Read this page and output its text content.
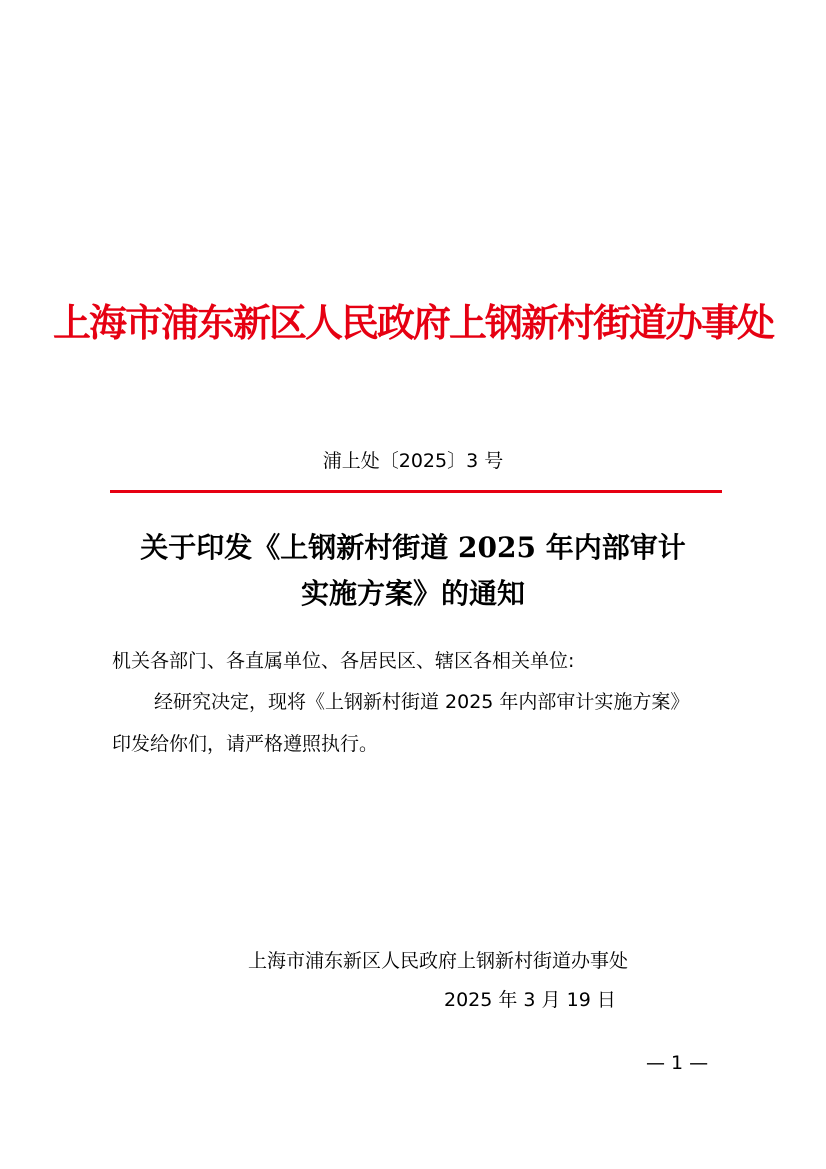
上海市浦东新区人民政府上钢新村街道办事处
浦上处〔2025〕3 号
关于印发《上钢新村街道 2025 年内部审计
实施方案》的通知
机关各部门、各直属单位、各居民区、辖区各相关单位:
经研究决定，现将《上钢新村街道 2025 年内部审计实施方案》
印发给你们，请严格遵照执行。
上海市浦东新区人民政府上钢新村街道办事处
2025 年 3 月 19 日
— 1 —
